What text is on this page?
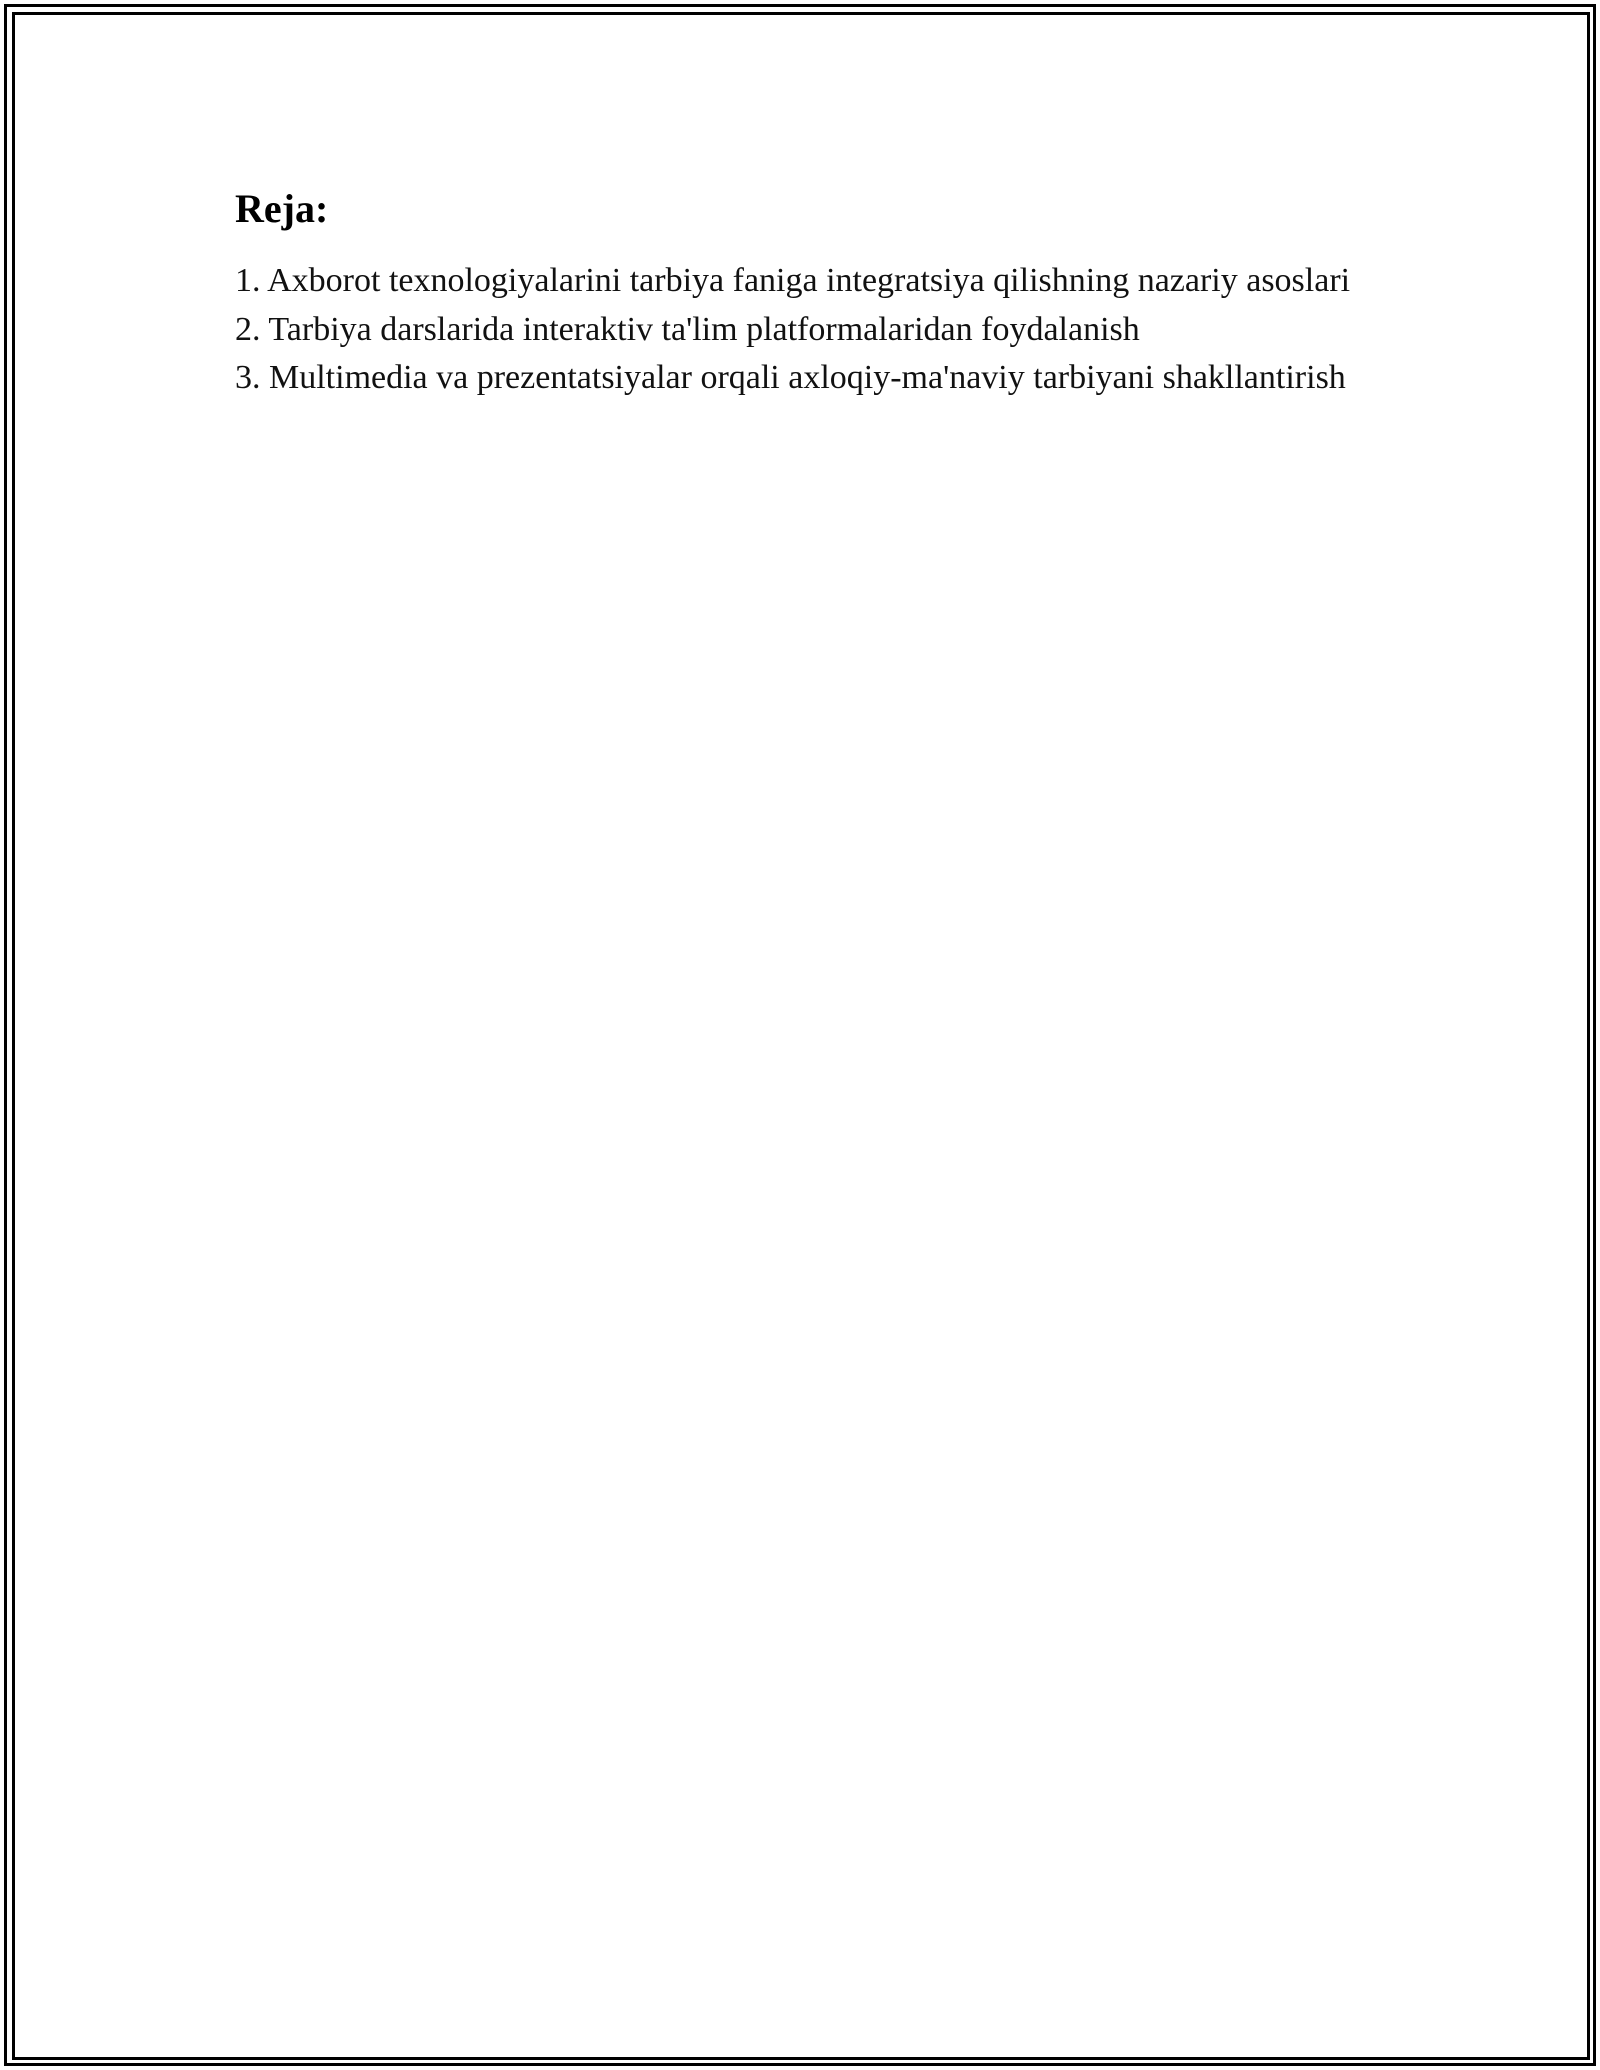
Reja:
1. Axborot texnologiyalarini tarbiya faniga integratsiya qilishning nazariy asoslari
2. Tarbiya darslarida interaktiv ta'lim platformalaridan foydalanish
3. Multimedia va prezentatsiyalar orqali axloqiy-ma'naviy tarbiyani shakllantirish
